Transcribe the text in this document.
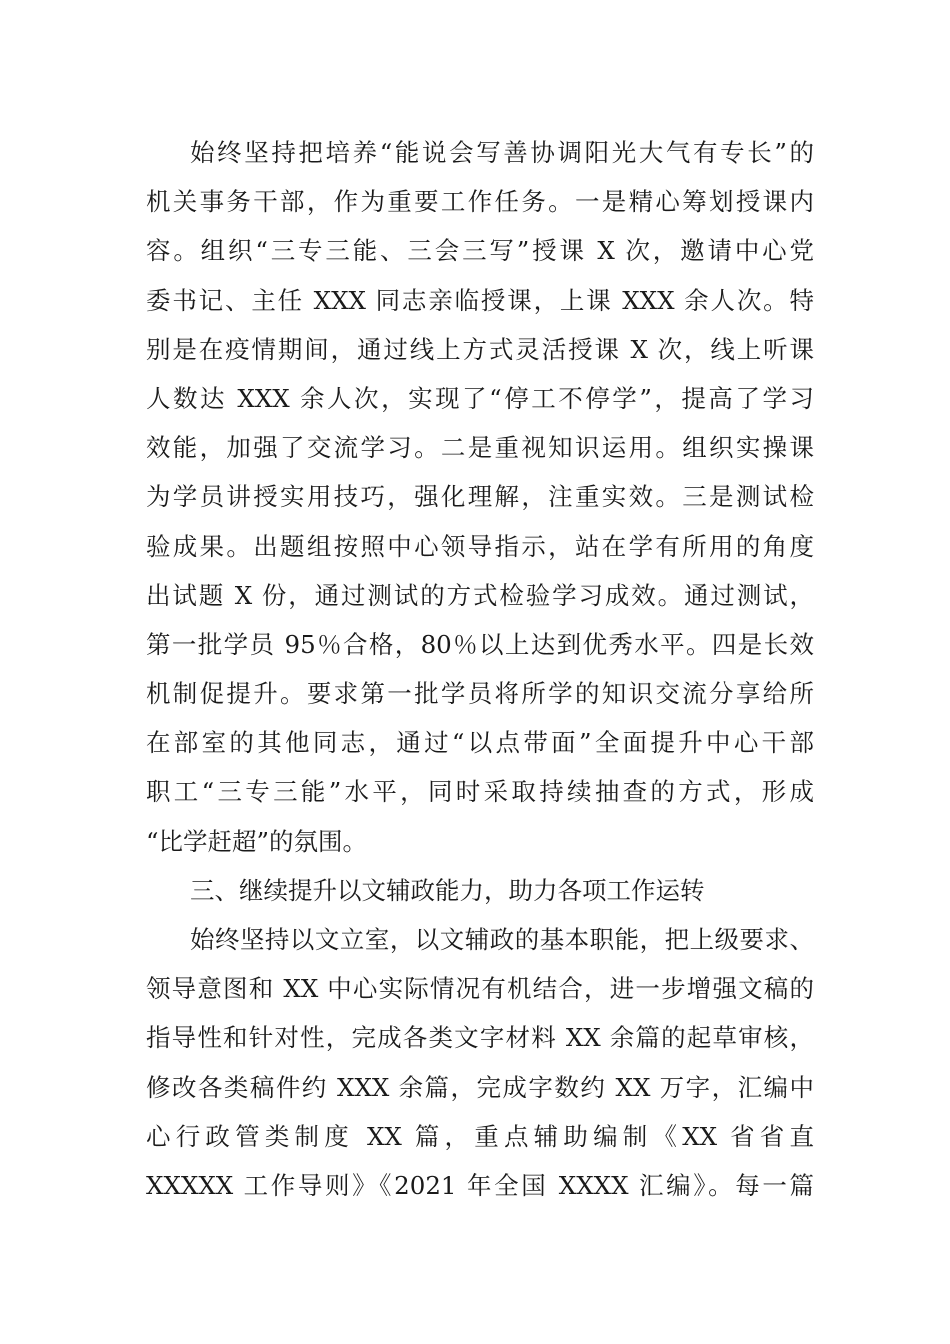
始终坚持把培养“能说会写善协调阳光大气有专长”的
机关事务干部，作为重要工作任务。一是精心筹划授课内
容。组织“三专三能、三会三写”授课 X 次，邀请中心党
委书记、主任 XXX 同志亲临授课，上课 XXX 余人次。特
别是在疫情期间，通过线上方式灵活授课 X 次，线上听课
人数达 XXX 余人次，实现了“停工不停学”，提高了学习
效能，加强了交流学习。二是重视知识运用。组织实操课
为学员讲授实用技巧，强化理解，注重实效。三是测试检
验成果。出题组按照中心领导指示，站在学有所用的角度
出试题 X 份，通过测试的方式检验学习成效。通过测试，
第一批学员 95％合格，80％以上达到优秀水平。四是长效
机制促提升。要求第一批学员将所学的知识交流分享给所
在部室的其他同志，通过“以点带面”全面提升中心干部
职工“三专三能”水平，同时采取持续抽查的方式，形成
“比学赶超”的氛围。
三、继续提升以文辅政能力，助力各项工作运转
始终坚持以文立室，以文辅政的基本职能，把上级要求、
领导意图和 XX 中心实际情况有机结合，进一步增强文稿的
指导性和针对性，完成各类文字材料 XX 余篇的起草审核，
修改各类稿件约 XXX 余篇，完成字数约 XX 万字，汇编中
心行政管类制度 XX 篇，重点辅助编制《XX 省省直
XXXXX 工作导则》《2021 年全国 XXXX 汇编》。每一篇
